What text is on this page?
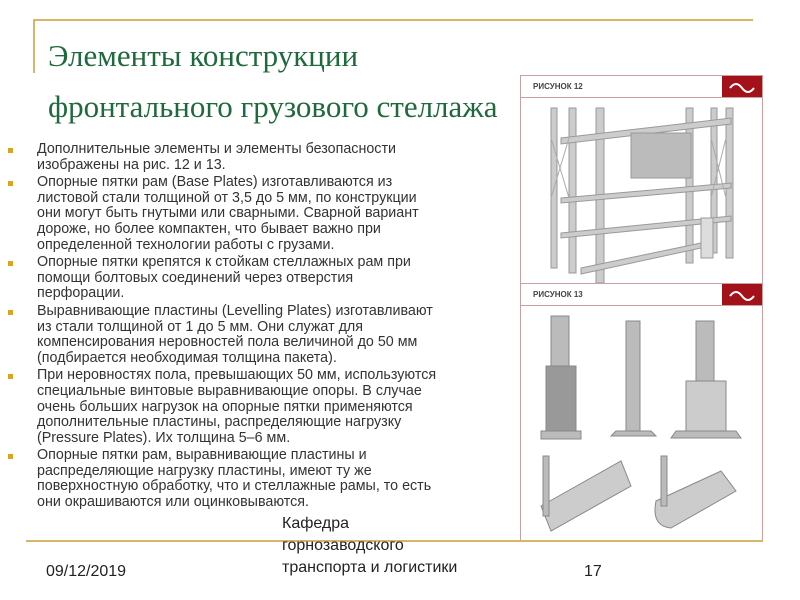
Элементы конструкции фронтального грузового стеллажа
Дополнительные элементы и элементы безопасности
изображены на рис. 12 и 13.
Опорные пятки рам (Base Plates) изготавливаются из
листовой стали толщиной от 3,5 до 5 мм, по конструкции
они могут быть гнутыми или сварными. Сварной вариант
дороже, но более компактен, что бывает важно при
определенной технологии работы с грузами.
Опорные пятки крепятся к стойкам стеллажных рам при
помощи болтовых соединений через отверстия
перфорации.
Выравнивающие пластины (Levelling Plates) изготавливают
из стали толщиной от 1 до 5 мм. Они служат для
компенсирования неровностей пола величиной до 50 мм
(подбирается необходимая толщина пакета).
При неровностях пола, превышающих 50 мм, используются
специальные винтовые выравнивающие опоры. В случае
очень больших нагрузок на опорные пятки применяются
дополнительные пластины, распределяющие нагрузку
(Pressure Plates). Их толщина 5–6 мм.
Опорные пятки рам, выравнивающие пластины и
распределяющие нагрузку пластины, имеют ту же
поверхностную обработку, что и стеллажные рамы, то есть
они окрашиваются или оцинковываются.
РИСУНОК 12
РИСУНОК 13
09/12/2019
Кафедра
горнозаводского
транспорта и логистики	17
